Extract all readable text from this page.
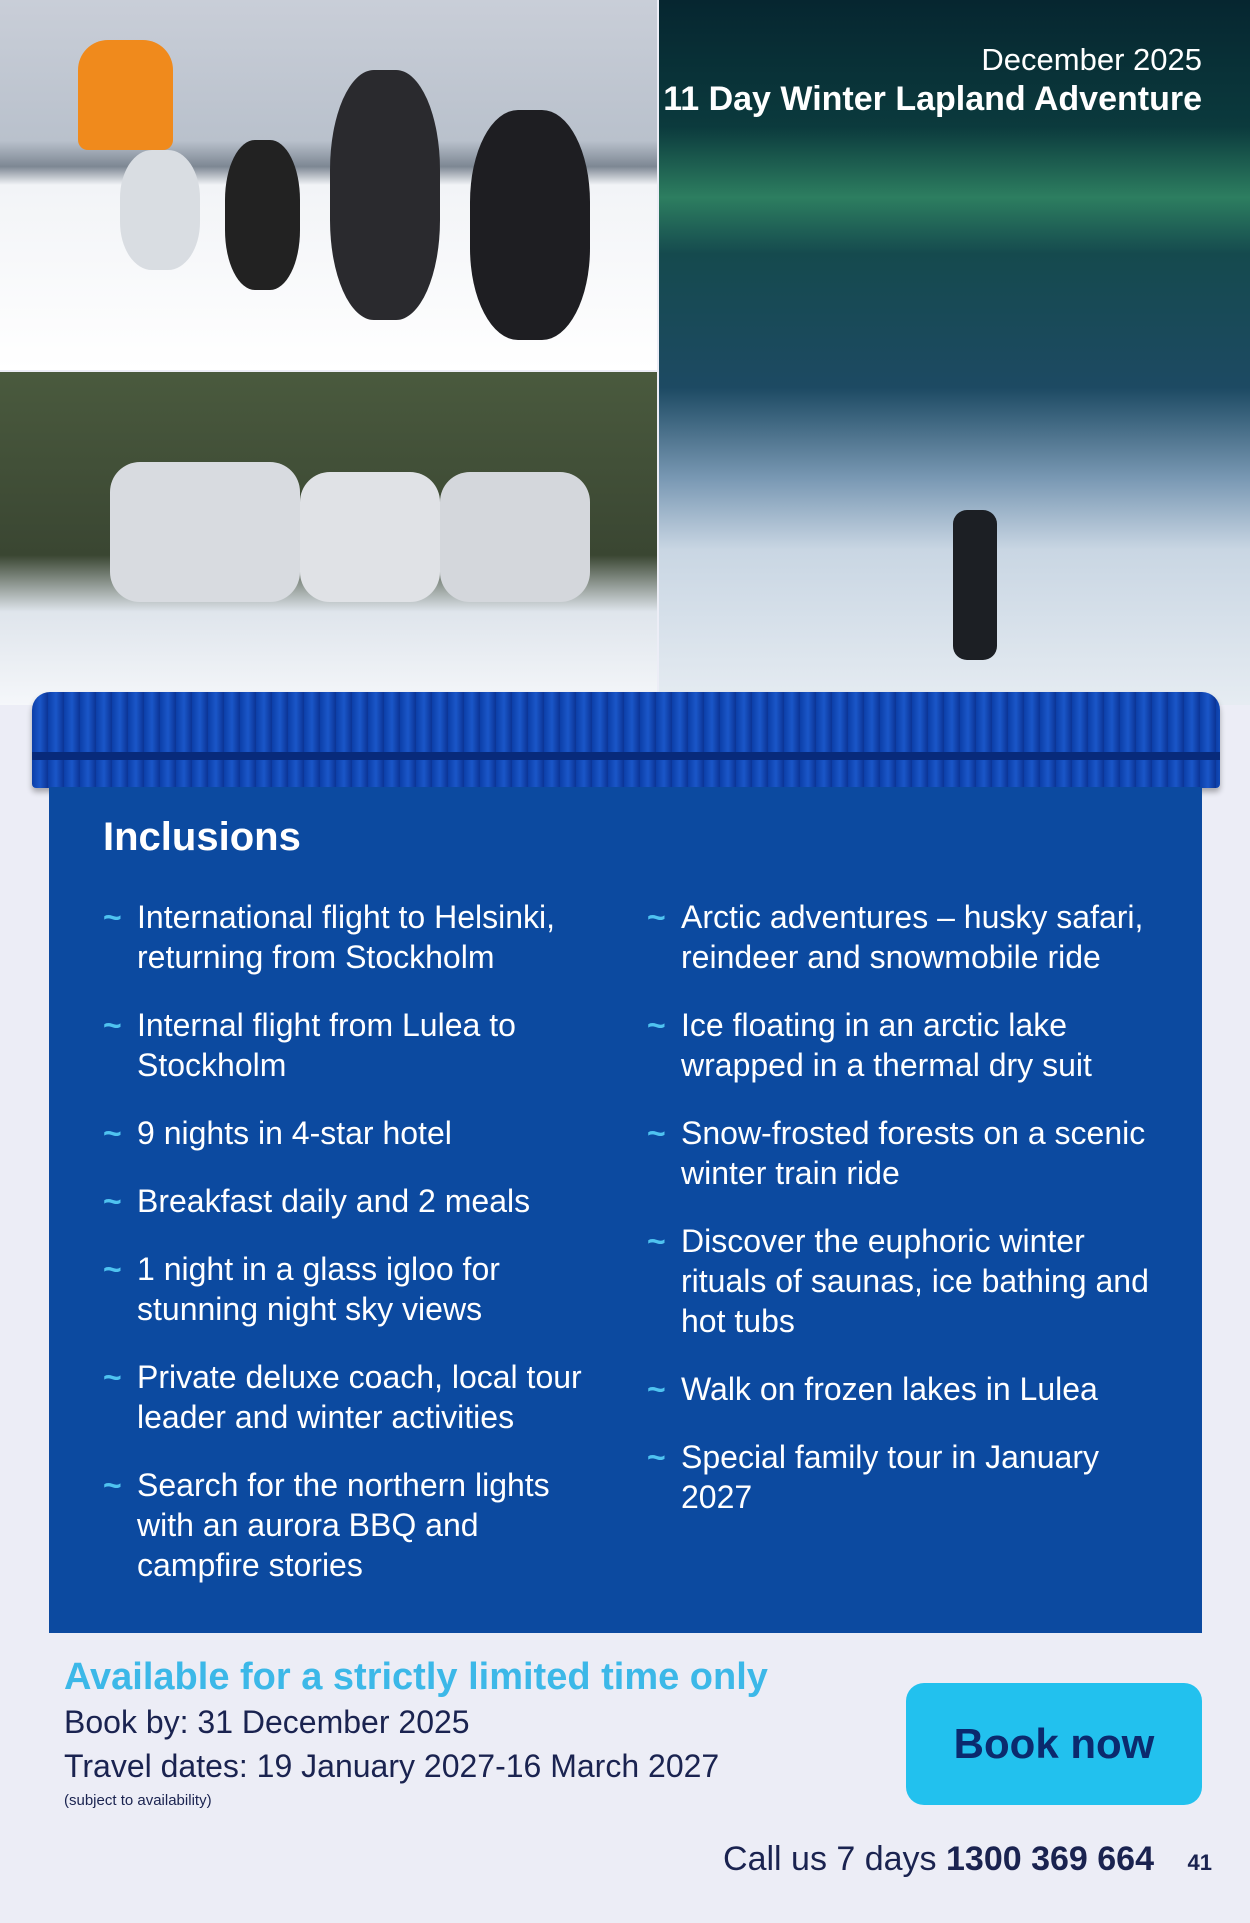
December 2025
11 Day Winter Lapland Adventure
Inclusions
~ International flight to Helsinki, returning from Stockholm
~ Internal flight from Lulea to Stockholm
~ 9 nights in 4-star hotel
~ Breakfast daily and 2 meals
~ 1 night in a glass igloo for stunning night sky views
~ Private deluxe coach, local tour leader and winter activities
~ Search for the northern lights with an aurora BBQ and campfire stories
~ Arctic adventures – husky safari, reindeer and snowmobile ride
~ Ice floating in an arctic lake wrapped in a thermal dry suit
~ Snow-frosted forests on a scenic winter train ride
~ Discover the euphoric winter rituals of saunas, ice bathing and hot tubs
~ Walk on frozen lakes in Lulea
~ Special family tour in January 2027
Available for a strictly limited time only
Book by: 31 December 2025
Travel dates: 19 January 2027-16 March 2027
(subject to availability)
Book now
Call us 7 days 1300 369 664 41
